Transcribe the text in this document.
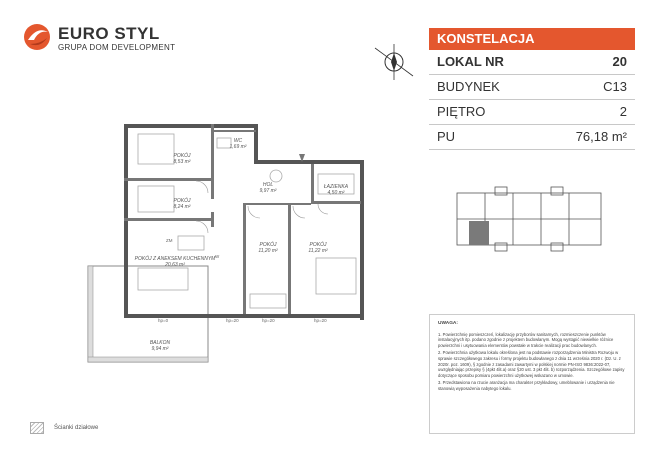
EURO STYL
GRUPA DOM DEVELOPMENT
KONSTELACJA
LOKAL NR	20
BUDYNEK	C13
PIĘTRO	2
PU	76,18 m²
POKÓJ
8,53 m²
WC
1,69 m²
POKÓJ
8,24 m²
HOL
9,97 m²
ŁAZIENKA
4,50 m²
POKÓJ Z ANEKSEM KUCHENNYM
20,63 m²
POKÓJ
11,20 m²
POKÓJ
11,22 m²
BALKON
9,94 m²
ZM
W
hp=0	hp=20	hp=20	hp=20
UWAGA:

1. Powierzchnię pomieszczeń, lokalizację przyborów sanitarnych, rozmieszczenie punktów instalacyjnych itp. podano zgodnie z projektem budowlanym. Mogą wystąpić niewielkie różnice powierzchni i usytuowania elementów powstałe w trakcie realizacji prac budowlanych.

2. Powierzchnia użytkowa lokalu określona jest na podstawie rozporządzenia Ministra Rozwoju w sprawie szczegółowego zakresu i formy projektu budowlanego z dnia 11 września 2020 r. (Dz. U. z 2020r. poz. 1609), § zgodnie z zasadami zawartymi w polskiej normie PN-ISO 9836:2022-07, uwzględniając przepisy § (4pkt 4lit.a) oraz §20 ust. 3 pkt 4lit. b) rozporządzenia. Szczegółowe zapisy dotyczące sposobu pomiaru powierzchni użytkowej wskazano w umowie.

3. Przedstawiona na rzucie aranżacja ma charakter przykładowy, umeblowanie i urządzenia nie stanowią wyposażenia nabytego lokalu.

Ścianki działowe
